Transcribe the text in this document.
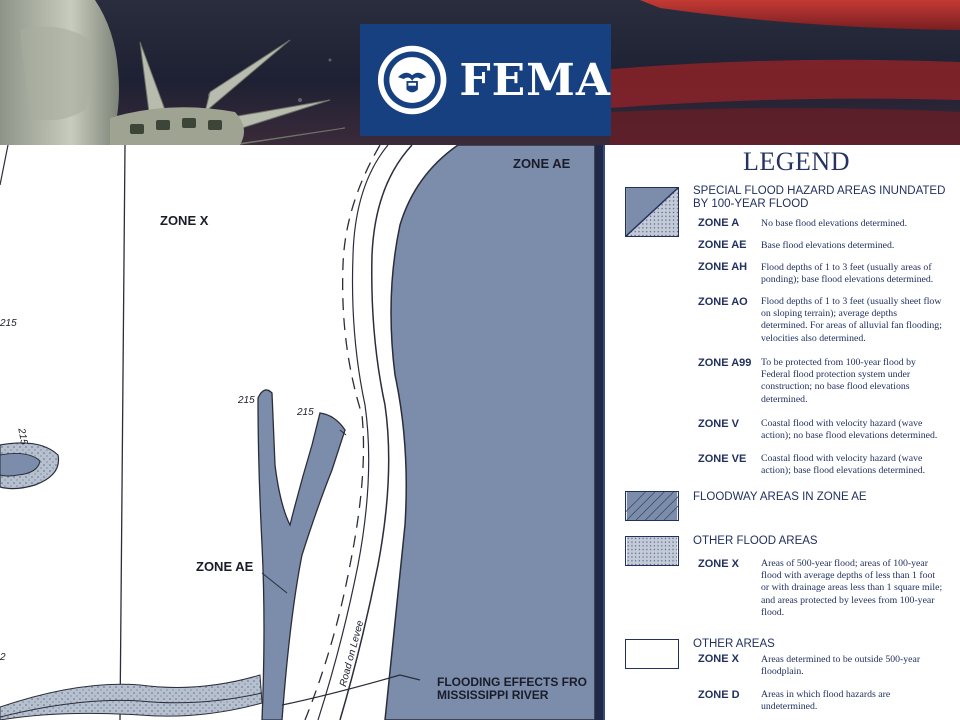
FEMA
ZONE X
ZONE AE
ZONE AE
215
215
215
215
2	Road on Levee	FLOODING EFFECTS FRO
MISSISSIPPI RIVER
LEGEND
SPECIAL FLOOD HAZARD AREAS INUNDATED
BY 100-YEAR FLOOD
ZONE A No base flood elevations determined.
ZONE AE Base flood elevations determined.
ZONE AH Flood depths of 1 to 3 feet (usually areas of ponding); base flood elevations determined.
ZONE AO Flood depths of 1 to 3 feet (usually sheet flow on sloping terrain); average depths determined. For areas of alluvial fan flooding; velocities also determined.
ZONE A99 To be protected from 100-year flood by Federal flood protection system under construction; no base flood elevations determined.
ZONE V Coastal flood with velocity hazard (wave action); no base flood elevations determined.
ZONE VE Coastal flood with velocity hazard (wave action); base flood elevations determined.
FLOODWAY AREAS IN ZONE AE
OTHER FLOOD AREAS
ZONE X Areas of 500-year flood; areas of 100-year flood with average depths of less than 1 foot or with drainage areas less than 1 square mile; and areas protected by levees from 100-year flood.
OTHER AREAS
ZONE X Areas determined to be outside 500-year floodplain.
ZONE D Areas in which flood hazards are undetermined.
